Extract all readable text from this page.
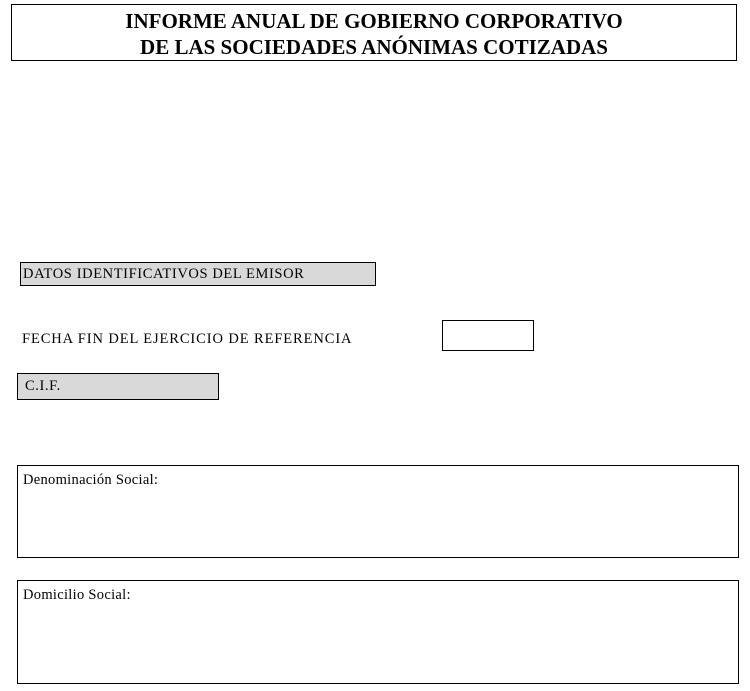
INFORME ANUAL DE GOBIERNO CORPORATIVO
DE LAS SOCIEDADES ANÓNIMAS COTIZADAS
DATOS IDENTIFICATIVOS DEL EMISOR
FECHA FIN DEL EJERCICIO DE REFERENCIA
C.I.F.
Denominación Social:
Domicilio Social:
